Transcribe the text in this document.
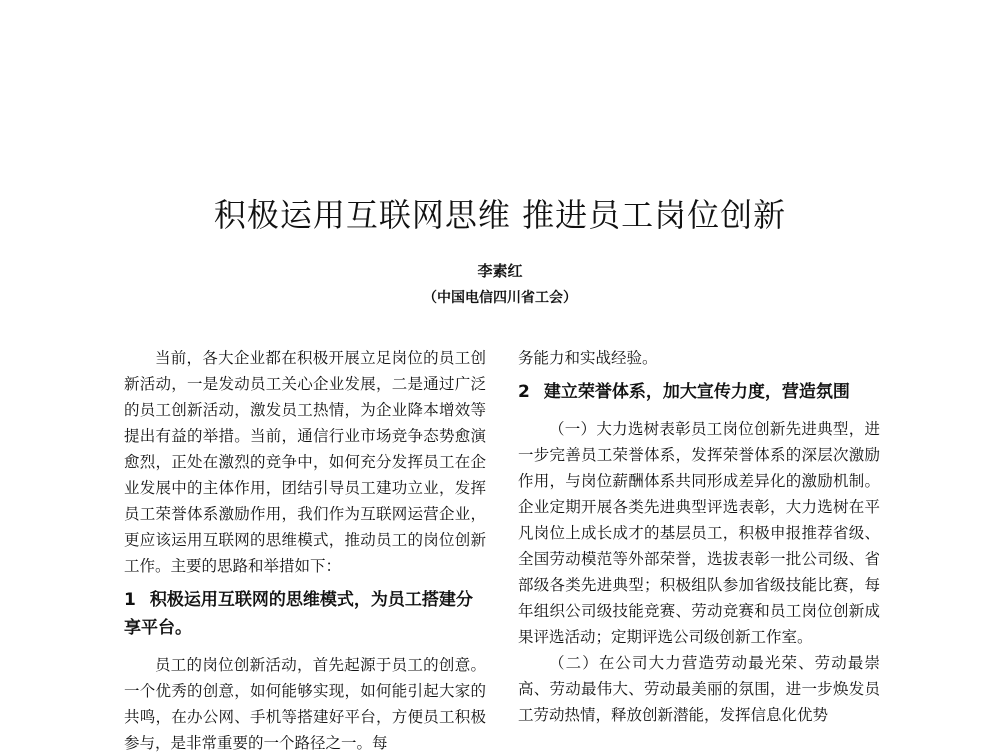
积极运用互联网思维 推进员工岗位创新
李素红
（中国电信四川省工会）

当前，各大企业都在积极开展立足岗位的员工创新活动，一是发动员工关心企业发展，二是通过广泛的员工创新活动，激发员工热情，为企业降本增效等提出有益的举措。当前，通信行业市场竞争态势愈演愈烈，正处在激烈的竞争中，如何充分发挥员工在企业发展中的主体作用，团结引导员工建功立业，发挥员工荣誉体系激励作用，我们作为互联网运营企业，更应该运用互联网的思维模式，推动员工的岗位创新工作。主要的思路和举措如下：

1 积极运用互联网的思维模式，为员工搭建分享平台。

员工的岗位创新活动，首先起源于员工的创意。一个优秀的创意，如何能够实现，如何能引起大家的共鸣，在办公网、手机等搭建好平台，方便员工积极参与，是非常重要的一个路径之一。每

务能力和实战经验。

2 建立荣誉体系，加大宣传力度，营造氛围

（一）大力选树表彰员工岗位创新先进典型，进一步完善员工荣誉体系，发挥荣誉体系的深层次激励作用，与岗位薪酬体系共同形成差异化的激励机制。企业定期开展各类先进典型评选表彰，大力选树在平凡岗位上成长成才的基层员工，积极申报推荐省级、全国劳动模范等外部荣誉，选拔表彰一批公司级、省部级各类先进典型；积极组队参加省级技能比赛，每年组织公司级技能竞赛、劳动竞赛和员工岗位创新成果评选活动；定期评选公司级创新工作室。

（二）在公司大力营造劳动最光荣、劳动最崇高、劳动最伟大、劳动最美丽的氛围，进一步焕发员工劳动热情，释放创新潜能，发挥信息化优势
